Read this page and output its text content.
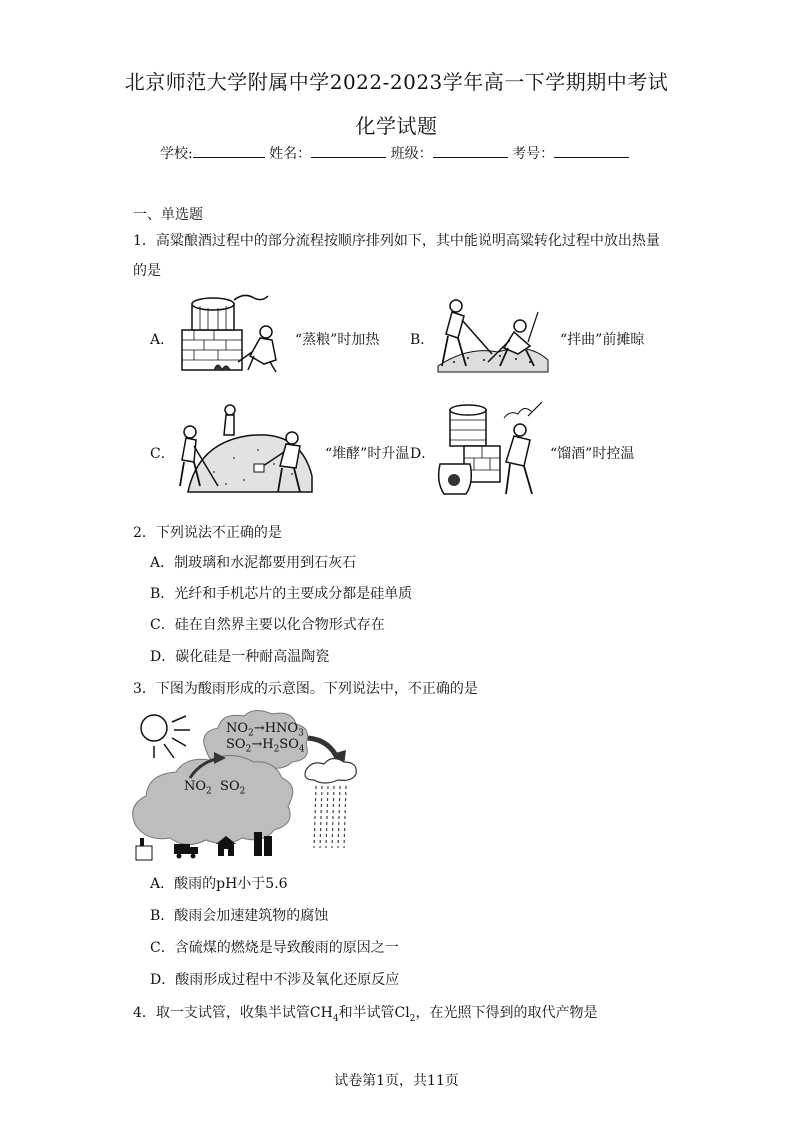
北京师范大学附属中学2022-2023学年高一下学期期中考试
化学试题
学校:	姓名：	班级：	考号：
一、单选题
1．高粱酿酒过程中的部分流程按顺序排列如下，其中能说明高粱转化过程中放出热量
的是
A．	“蒸粮”时加热 B．	“拌曲”前摊晾
C．	“堆酵”时升温 D．	“馏酒”时控温
2．下列说法不正确的是
A．制玻璃和水泥都要用到石灰石
B．光纤和手机芯片的主要成分都是硅单质
C．硅在自然界主要以化合物形式存在
D．碳化硅是一种耐高温陶瓷
3．下图为酸雨形成的示意图。下列说法中，不正确的是
$NO_2\to HNO_3$
$SO_2\to H_2SO_4$
$NO_2$ $SO_2$
A．酸雨的pH小于5.6
B．酸雨会加速建筑物的腐蚀
C．含硫煤的燃烧是导致酸雨的原因之一
D．酸雨形成过程中不涉及氧化还原反应
4．取一支试管，收集半试管$CH_4$和半试管$Cl_2$，在光照下得到的取代产物是
试卷第1页，共11页
